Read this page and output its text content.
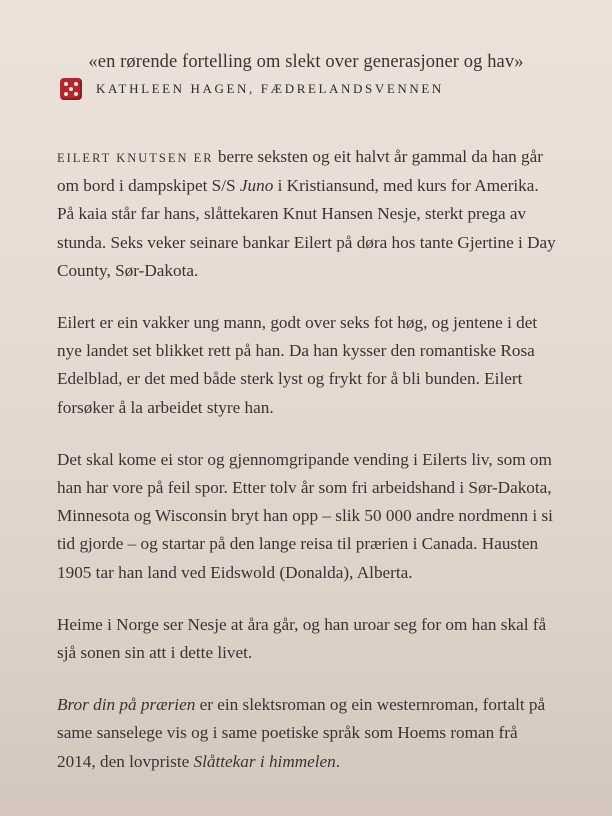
«en rørende fortelling om slekt over generasjoner og hav»
KATHLEEN HAGEN, FÆDRELANDSVENNEN

EILERT KNUTSEN ER berre seksten og eit halvt år gammal da han går om bord i dampskipet S/S Juno i Kristiansund, med kurs for Amerika. På kaia står far hans, slåttekaren Knut Hansen Nesje, sterkt prega av stunda. Seks veker seinare bankar Eilert på døra hos tante Gjertine i Day County, Sør-Dakota.

Eilert er ein vakker ung mann, godt over seks fot høg, og jentene i det nye landet set blikket rett på han. Da han kysser den romantiske Rosa Edelblad, er det med både sterk lyst og frykt for å bli bunden. Eilert forsøker å la arbeidet styre han.

Det skal kome ei stor og gjennomgripande vending i Eilerts liv, som om han har vore på feil spor. Etter tolv år som fri arbeidshand i Sør-Dakota, Minnesota og Wisconsin bryt han opp – slik 50 000 andre nordmenn i si tid gjorde – og startar på den lange reisa til prærien i Canada. Hausten 1905 tar han land ved Eidswold (Donalda), Alberta.

Heime i Norge ser Nesje at åra går, og han uroar seg for om han skal få sjå sonen sin att i dette livet.

Bror din på prærien er ein slektsroman og ein westernroman, fortalt på same sanselege vis og i same poetiske språk som Hoems roman frå 2014, den lovpriste Slåttekar i himmelen.
